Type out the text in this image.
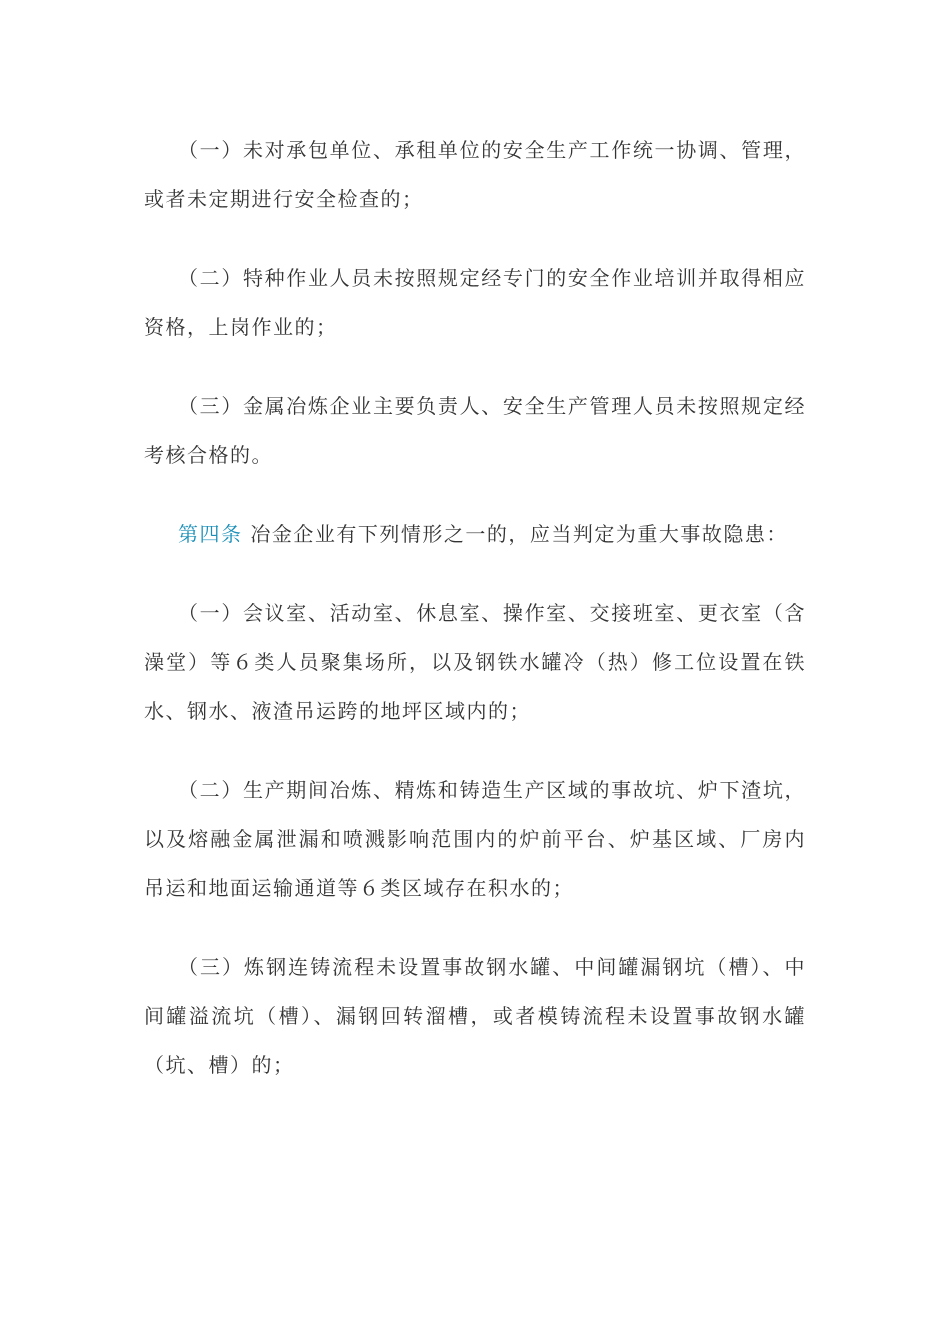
（一）未对承包单位、承租单位的安全生产工作统一协调、管理，或者未定期进行安全检查的；

（二）特种作业人员未按照规定经专门的安全作业培训并取得相应资格，上岗作业的；

（三）金属冶炼企业主要负责人、安全生产管理人员未按照规定经考核合格的。

第四条 冶金企业有下列情形之一的，应当判定为重大事故隐患：

（一）会议室、活动室、休息室、操作室、交接班室、更衣室（含澡堂）等６类人员聚集场所，以及钢铁水罐冷（热）修工位设置在铁水、钢水、液渣吊运跨的地坪区域内的；

（二）生产期间冶炼、精炼和铸造生产区域的事故坑、炉下渣坑，以及熔融金属泄漏和喷溅影响范围内的炉前平台、炉基区域、厂房内吊运和地面运输通道等６类区域存在积水的；

（三）炼钢连铸流程未设置事故钢水罐、中间罐漏钢坑（槽）、中间罐溢流坑（槽）、漏钢回转溜槽，或者模铸流程未设置事故钢水罐（坑、槽）的；
